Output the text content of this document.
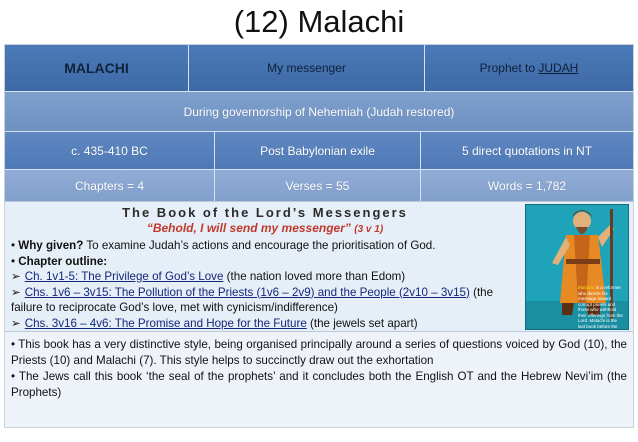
(12) Malachi
MALACHI	My messenger	Prophet to JUDAH
During governorship of Nehemiah (Judah restored)
c. 435-410 BC	Post Babylonian exile	5 direct quotations in NT
Chapters = 4	Verses = 55	Words = 1,782
The Book of the Lord’s Messengers
“Behold, I will send my messenger” (3 v 1)

• Why given? To examine Judah’s actions and encourage the prioritisation of God.

• Chapter outline:

➢ Ch. 1v1-5: The Privilege of God’s Love (the nation loved more than Edom)

➢ Chs. 1v6 – 3v15: The Pollution of the Priests (1v6 – 2v9) and the People (2v10 – 3v15) (the failure to reciprocate God’s love, met with cynicism/indifference)

➢ Chs. 3v16 – 4v6: The Promise and Hope for the Future (the jewels set apart)

Malachi is a reformer who directs his message toward corrupt priests and those who withhold their offerings from the Lord. Malachi is the last book before the

• This book has a very distinctive style, being organised principally around a series of questions voiced by God (10), the Priests (10) and Malachi (7). This style helps to succinctly draw out the exhortation

• The Jews call this book ‘the seal of the prophets’ and it concludes both the English OT and the Hebrew Nevi’im (the Prophets)
